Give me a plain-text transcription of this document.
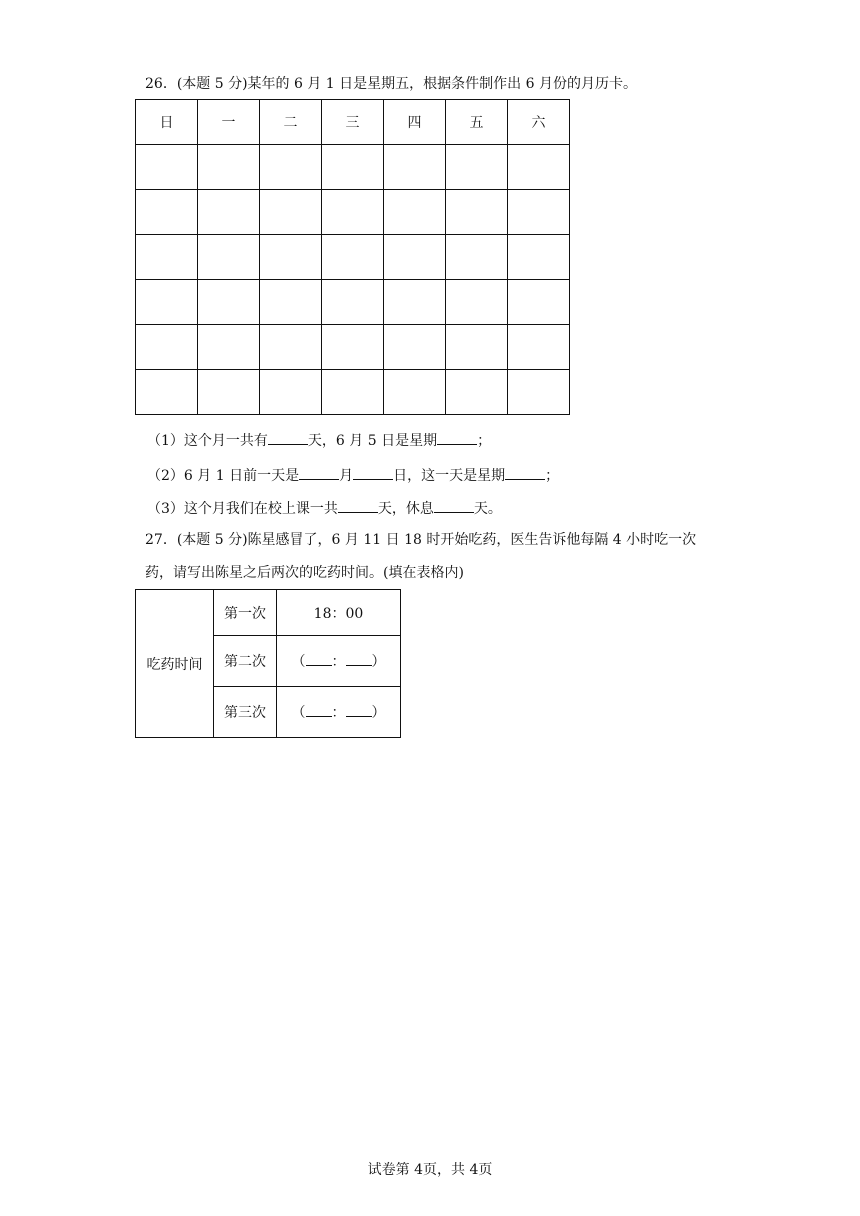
26．(本题 5 分)某年的 6 月 1 日是星期五，根据条件制作出 6 月份的月历卡。
日	一	二	三	四	五	六

（1）这个月一共有	天，6 月 5 日是星期	；
（2）6 月 1 日前一天是	月	日，这一天是星期	；
（3）这个月我们在校上课一共	天，休息	天。
27．(本题 5 分)陈星感冒了，6 月 11 日 18 时开始吃药，医生告诉他每隔 4 小时吃一次
药，请写出陈星之后两次的吃药时间。(填在表格内)
吃药时间	第一次	18：00
	第二次	（ ： ）
	第三次	（ ： ）
试卷第 4页，共 4页
